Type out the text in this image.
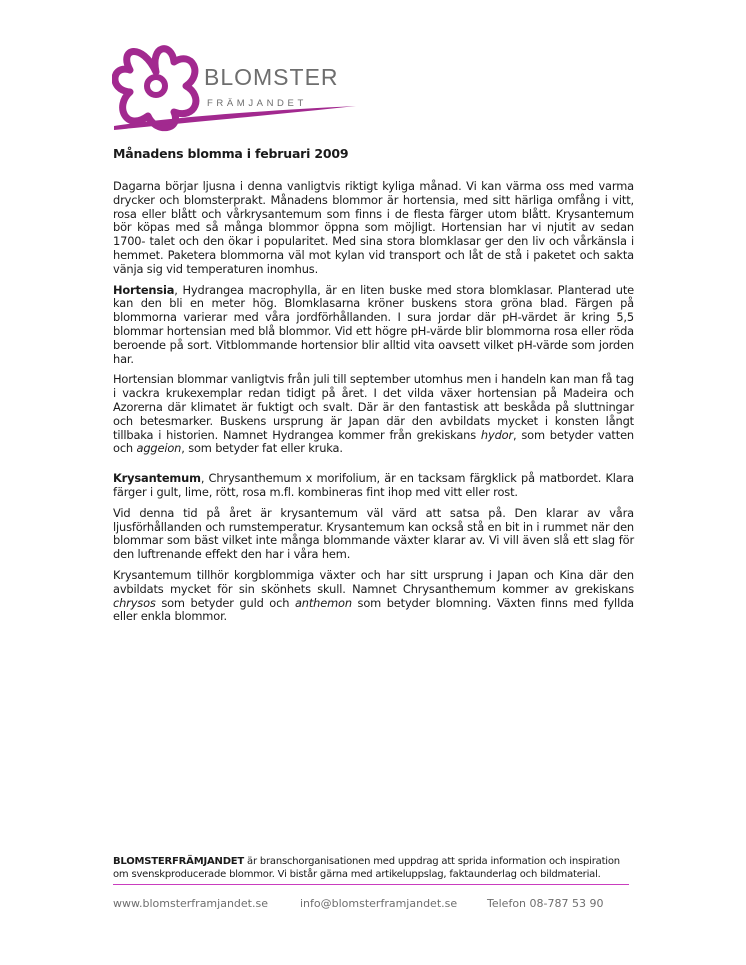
BLOMSTER
FRÄMJANDET
Månadens blomma i februari 2009

Dagarna börjar ljusna i denna vanligtvis riktigt kyliga månad. Vi kan värma oss med varma drycker och blomsterprakt. Månadens blommor är hortensia, med sitt härliga omfång i vitt, rosa eller blått och vårkrysantemum som finns i de flesta färger utom blått. Krysantemum bör köpas med så många blommor öppna som möjligt. Hortensian har vi njutit av sedan 1700- talet och den ökar i popularitet. Med sina stora blomklasar ger den liv och vårkänsla i hemmet. Paketera blommorna väl mot kylan vid transport och låt de stå i paketet och sakta vänja sig vid temperaturen inomhus.

Hortensia, Hydrangea macrophylla, är en liten buske med stora blomklasar. Planterad ute kan den bli en meter hög. Blomklasarna kröner buskens stora gröna blad. Färgen på blommorna varierar med våra jordförhållanden. I sura jordar där pH-värdet är kring 5,5 blommar hortensian med blå blommor. Vid ett högre pH-värde blir blommorna rosa eller röda beroende på sort. Vitblommande hortensior blir alltid vita oavsett vilket pH-värde som jorden har.

Hortensian blommar vanligtvis från juli till september utomhus men i handeln kan man få tag i vackra krukexemplar redan tidigt på året. I det vilda växer hortensian på Madeira och Azorerna där klimatet är fuktigt och svalt. Där är den fantastisk att beskåda på sluttningar och betesmarker. Buskens ursprung är Japan där den avbildats mycket i konsten långt tillbaka i historien. Namnet Hydrangea kommer från grekiskans hydor, som betyder vatten och aggeion, som betyder fat eller kruka.

Krysantemum, Chrysanthemum x morifolium, är en tacksam färgklick på matbordet. Klara färger i gult, lime, rött, rosa m.fl. kombineras fint ihop med vitt eller rost.

Vid denna tid på året är krysantemum väl värd att satsa på. Den klarar av våra ljusförhållanden och rumstemperatur. Krysantemum kan också stå en bit in i rummet när den blommar som bäst vilket inte många blommande växter klarar av. Vi vill även slå ett slag för den luftrenande effekt den har i våra hem.

Krysantemum tillhör korgblommiga växter och har sitt ursprung i Japan och Kina där den avbildats mycket för sin skönhets skull. Namnet Chrysanthemum kommer av grekiskans chrysos som betyder guld och anthemon som betyder blomning. Växten finns med fyllda eller enkla blommor.

BLOMSTERFRÄMJANDET är branschorganisationen med uppdrag att sprida information och inspiration om svenskproducerade blommor. Vi bistår gärna med artikeluppslag, faktaunderlag och bildmaterial.
www.blomsterframjandet.se	info@blomsterframjandet.se	Telefon 08-787 53 90
